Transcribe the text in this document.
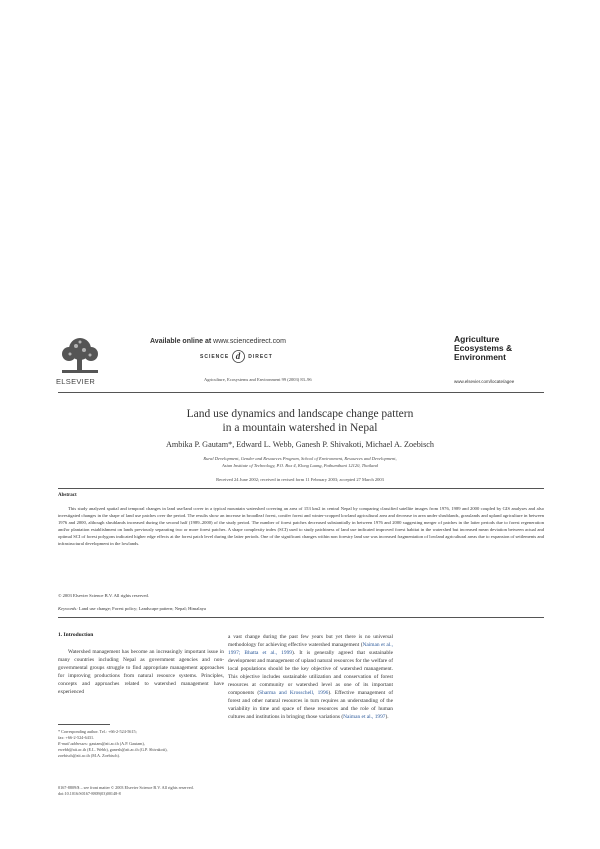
ELSEVIER
Available online at www.sciencedirect.com
SCIENCE d DIRECT
Agriculture, Ecosystems and Environment 99 (2003) 83–96
Agriculture
Ecosystems &
Environment
www.elsevier.com/locate/agee
Land use dynamics and landscape change pattern
in a mountain watershed in Nepal
Ambika P. Gautam*, Edward L. Webb, Ganesh P. Shivakoti, Michael A. Zoebisch
Rural Development, Gender and Resources Program, School of Environment, Resources and Development,
Asian Institute of Technology, P.O. Box 4, Klong Luang, Pathumthani 12120, Thailand
Received 24 June 2002; received in revised form 11 February 2003; accepted 27 March 2003
Abstract
This study analyzed spatial and temporal changes in land use/land cover in a typical mountain watershed covering an area of 153 km2 in central Nepal by comparing classified satellite images from 1976, 1989 and 2000 coupled by GIS analyses and also investigated changes in the shape of land use patches over the period. The results show an increase in broadleaf forest, conifer forest and winter-cropped lowland agricultural area and decrease in area under shrublands, grasslands and upland agriculture in between 1976 and 2000, although shrublands increased during the second half (1989–2000) of the study period. The number of forest patches decreased substantially in between 1976 and 2000 suggesting merger of patches in the latter periods due to forest regeneration and/or plantation establishment on lands previously separating two or more forest patches. A shape complexity index (SCI) used to study patchiness of land use indicated improved forest habitat in the watershed but increased mean deviation between actual and optimal SCI of forest polygons indicated higher edge effects at the forest patch level during the latter periods. One of the significant changes within non forestry land use was increased fragmentation of lowland agricultural areas due to expansion of settlements and infrastructural development in the lowlands.
© 2003 Elsevier Science B.V. All rights reserved.
Keywords: Land use change; Forest policy; Landscape pattern; Nepal; Himalaya
1. Introduction
Watershed management has become an increasingly important issue in many countries including Nepal as government agencies and non-governmental groups struggle to find appropriate management approaches for improving productions from natural resource systems. Principles, concepts and approaches related to watershed management have experienced
a vast change during the past few years but yet there is no universal methodology for achieving effective watershed management (Naiman et al., 1997; Bhatta et al., 1999). It is generally agreed that sustainable development and management of upland natural resources for the welfare of local populations should be the key objective of watershed management. This objective includes sustainable utilization and conservation of forest resources at community or watershed level as one of its important components (Sharma and Krosschell, 1996). Effective management of forest and other natural resources in turn requires an understanding of the variability in time and space of these resources and the role of human cultures and institutions in bringing those variations (Naiman et al., 1997).
* Corresponding author. Tel.: +66-2-524-5615;
fax: +66-2-524-6431.
E-mail addresses: gautam@ait.ac.th (A.P. Gautam),
ewebb@ait.ac.th (E.L. Webb), ganesh@ait.ac.th (G.P. Shivakoti),
zoebisch@ait.ac.th (M.A. Zoebisch).
0167-8809/$ – see front matter © 2003 Elsevier Science B.V. All rights reserved.
doi:10.1016/S0167-8809(03)00148-8
